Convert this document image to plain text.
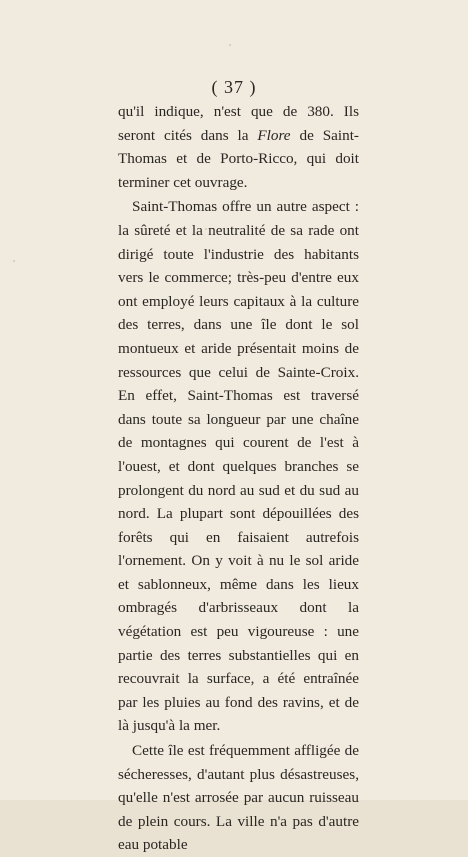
( 37 )

qu'il indique, n'est que de 380. Ils seront cités dans la Flore de Saint-Thomas et de Porto-Ricco, qui doit terminer cet ouvrage.

Saint-Thomas offre un autre aspect : la sûreté et la neutralité de sa rade ont dirigé toute l'industrie des habitants vers le commerce; très-peu d'entre eux ont employé leurs capitaux à la culture des terres, dans une île dont le sol montueux et aride présentait moins de ressources que celui de Sainte-Croix. En effet, Saint-Thomas est traversé dans toute sa longueur par une chaîne de montagnes qui courent de l'est à l'ouest, et dont quelques branches se prolongent du nord au sud et du sud au nord. La plupart sont dépouillées des forêts qui en faisaient autrefois l'ornement. On y voit à nu le sol aride et sablonneux, même dans les lieux ombragés d'arbrisseaux dont la végétation est peu vigoureuse : une partie des terres substantielles qui en recouvrait la surface, a été entraînée par les pluies au fond des ravins, et de là jusqu'à la mer.

Cette île est fréquemment affligée de sécheresses, d'autant plus désastreuses, qu'elle n'est arrosée par aucun ruisseau de plein cours. La ville n'a pas d'autre eau potable
